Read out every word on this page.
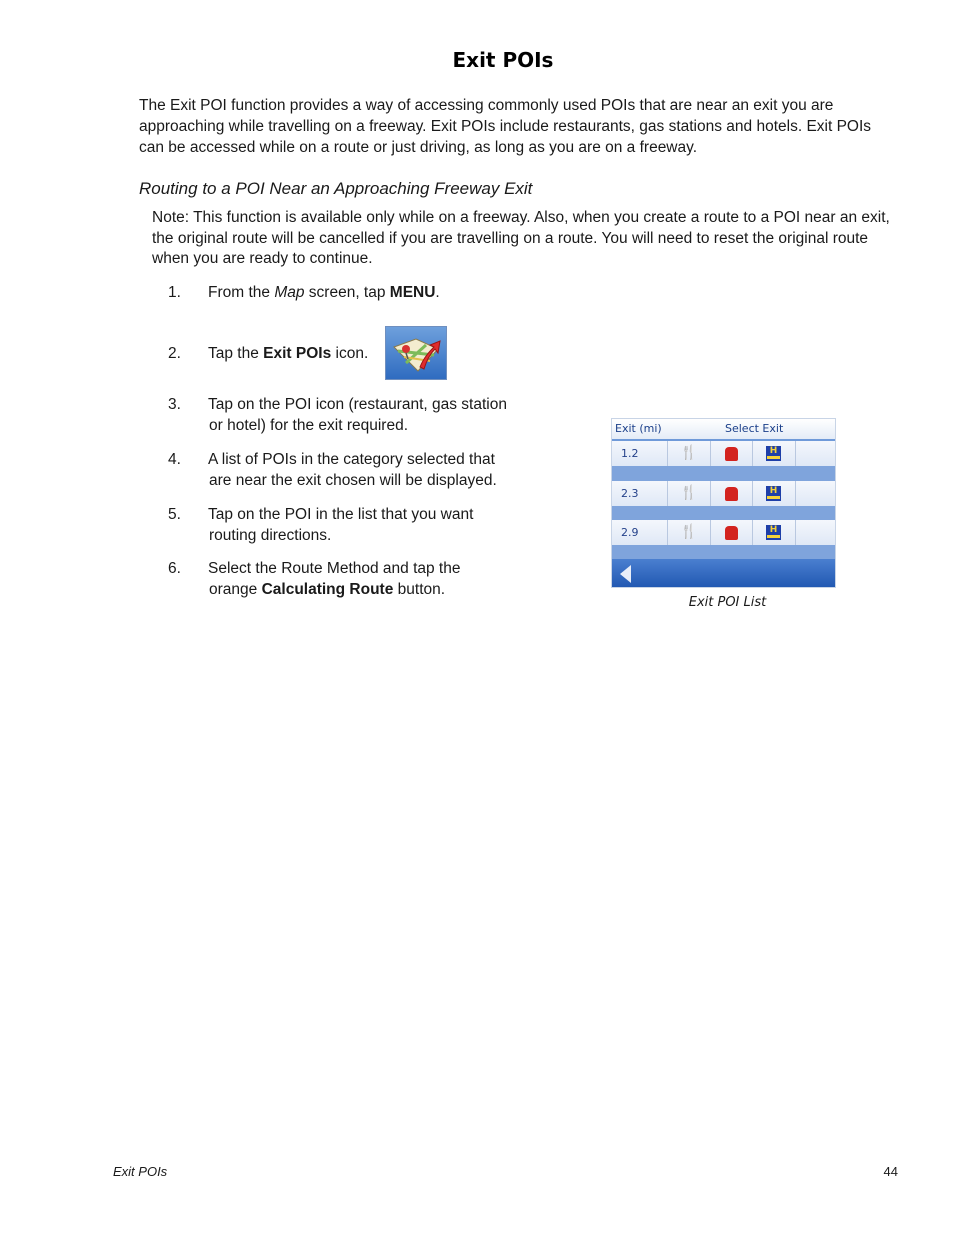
Exit POIs
The Exit POI function provides a way of accessing commonly used POIs that are near an exit you are approaching while travelling on a freeway. Exit POIs include restaurants, gas stations and hotels. Exit POIs can be accessed while on a route or just driving, as long as you are on a freeway.
Routing to a POI Near an Approaching Freeway Exit
Note: This function is available only while on a freeway. Also, when you create a route to a POI near an exit, the original route will be cancelled if you are travelling on a route. You will need to reset the original route when you are ready to continue.
1. From the Map screen, tap MENU.
2. Tap the Exit POIs icon.
3. Tap on the POI icon (restaurant, gas station
or hotel) for the exit required.
4. A list of POIs in the category selected that
are near the exit chosen will be displayed.
5. Tap on the POI in the list that you want
routing directions.
6. Select the Route Method and tap the
orange Calculating Route button.
Exit (mi)	Select Exit
1.2	🍴	H
2.3	🍴	H
2.9	🍴	H
Exit POI List
Exit POIs	44
